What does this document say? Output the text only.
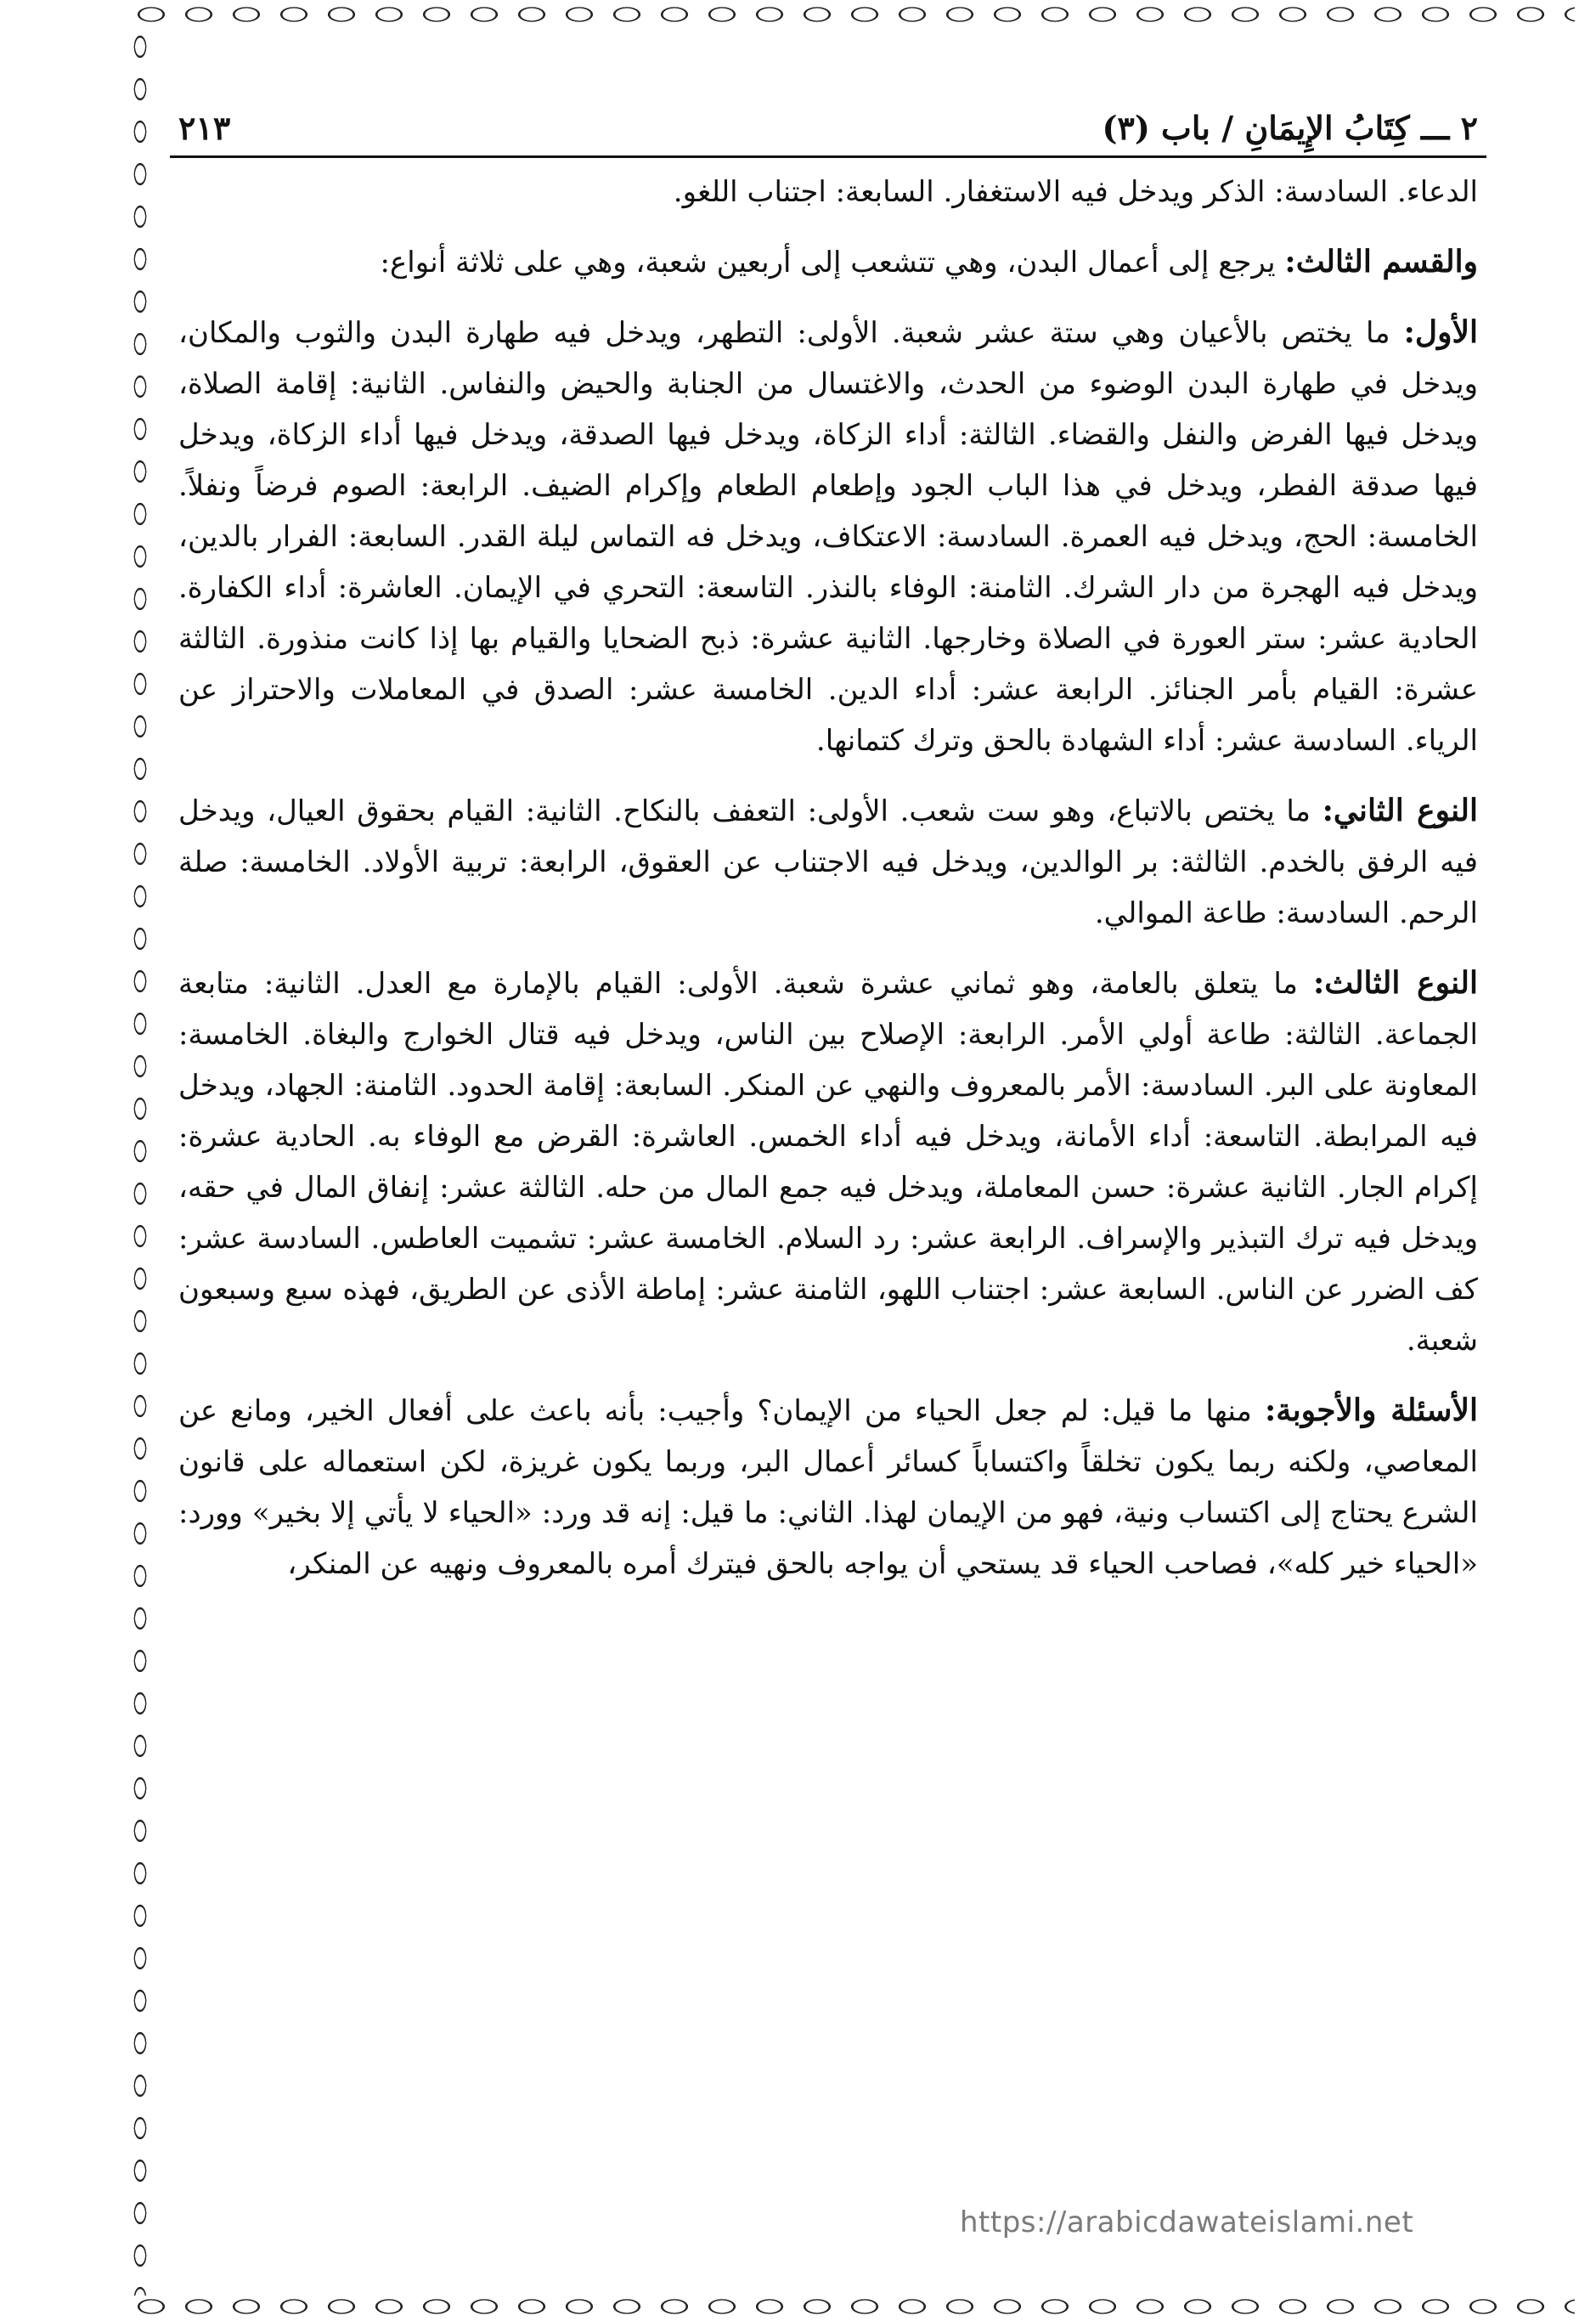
٢ ـــ كِتَابُ الإِيمَانِ / باب (٣)
٢١٣

الدعاء. السادسة: الذكر ويدخل فيه الاستغفار. السابعة: اجتناب اللغو.

والقسم الثالث: يرجع إلى أعمال البدن، وهي تتشعب إلى أربعين شعبة، وهي على ثلاثة أنواع:

الأول: ما يختص بالأعيان وهي ستة عشر شعبة. الأولى: التطهر، ويدخل فيه طهارة البدن والثوب والمكان، ويدخل في طهارة البدن الوضوء من الحدث، والاغتسال من الجنابة والحيض والنفاس. الثانية: إقامة الصلاة، ويدخل فيها الفرض والنفل والقضاء. الثالثة: أداء الزكاة، ويدخل فيها الصدقة، ويدخل فيها أداء الزكاة، ويدخل فيها صدقة الفطر، ويدخل في هذا الباب الجود وإطعام الطعام وإكرام الضيف. الرابعة: الصوم فرضاً ونفلاً. الخامسة: الحج، ويدخل فيه العمرة. السادسة: الاعتكاف، ويدخل فه التماس ليلة القدر. السابعة: الفرار بالدين، ويدخل فيه الهجرة من دار الشرك. الثامنة: الوفاء بالنذر. التاسعة: التحري في الإيمان. العاشرة: أداء الكفارة. الحادية عشر: ستر العورة في الصلاة وخارجها. الثانية عشرة: ذبح الضحايا والقيام بها إذا كانت منذورة. الثالثة عشرة: القيام بأمر الجنائز. الرابعة عشر: أداء الدين. الخامسة عشر: الصدق في المعاملات والاحتراز عن الرياء. السادسة عشر: أداء الشهادة بالحق وترك كتمانها.

النوع الثاني: ما يختص بالاتباع، وهو ست شعب. الأولى: التعفف بالنكاح. الثانية: القيام بحقوق العيال، ويدخل فيه الرفق بالخدم. الثالثة: بر الوالدين، ويدخل فيه الاجتناب عن العقوق، الرابعة: تربية الأولاد. الخامسة: صلة الرحم. السادسة: طاعة الموالي.

النوع الثالث: ما يتعلق بالعامة، وهو ثماني عشرة شعبة. الأولى: القيام بالإمارة مع العدل. الثانية: متابعة الجماعة. الثالثة: طاعة أولي الأمر. الرابعة: الإصلاح بين الناس، ويدخل فيه قتال الخوارج والبغاة. الخامسة: المعاونة على البر. السادسة: الأمر بالمعروف والنهي عن المنكر. السابعة: إقامة الحدود. الثامنة: الجهاد، ويدخل فيه المرابطة. التاسعة: أداء الأمانة، ويدخل فيه أداء الخمس. العاشرة: القرض مع الوفاء به. الحادية عشرة: إكرام الجار. الثانية عشرة: حسن المعاملة، ويدخل فيه جمع المال من حله. الثالثة عشر: إنفاق المال في حقه، ويدخل فيه ترك التبذير والإسراف. الرابعة عشر: رد السلام. الخامسة عشر: تشميت العاطس. السادسة عشر: كف الضرر عن الناس. السابعة عشر: اجتناب اللهو، الثامنة عشر: إماطة الأذى عن الطريق، فهذه سبع وسبعون شعبة.

الأسئلة والأجوبة: منها ما قيل: لم جعل الحياء من الإيمان؟ وأجيب: بأنه باعث على أفعال الخير، ومانع عن المعاصي، ولكنه ربما يكون تخلقاً واكتساباً كسائر أعمال البر، وربما يكون غريزة، لكن استعماله على قانون الشرع يحتاج إلى اكتساب ونية، فهو من الإيمان لهذا. الثاني: ما قيل: إنه قد ورد: «الحياء لا يأتي إلا بخير» وورد: «الحياء خير كله»، فصاحب الحياء قد يستحي أن يواجه بالحق فيترك أمره بالمعروف ونهيه عن المنكر،

https://arabicdawateislami.net
